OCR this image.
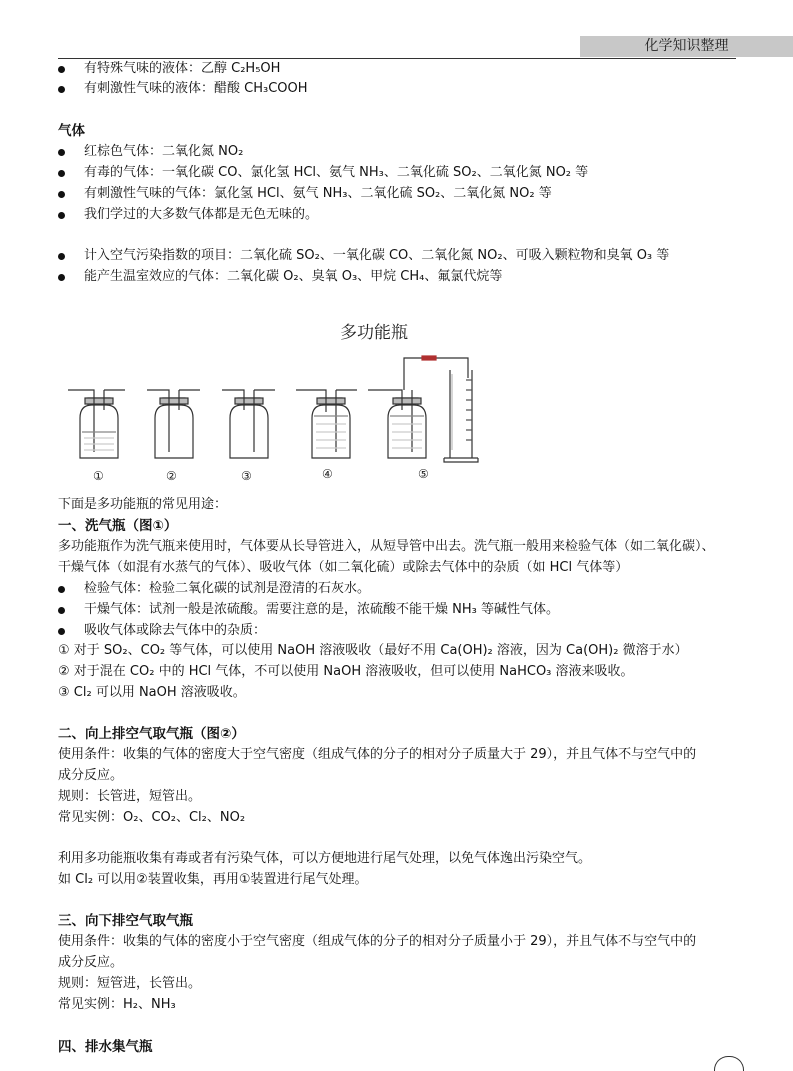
化学知识整理
有特殊气味的液体：乙醇 C₂H₅OH
有刺激性气味的液体：醋酸 CH₃COOH
气体
红棕色气体：二氧化氮 NO₂
有毒的气体：一氧化碳 CO、氯化氢 HCl、氨气 NH₃、二氧化硫 SO₂、二氧化氮 NO₂ 等
有刺激性气味的气体：氯化氢 HCl、氨气 NH₃、二氧化硫 SO₂、二氧化氮 NO₂ 等
我们学过的大多数气体都是无色无味的。
计入空气污染指数的项目：二氧化硫 SO₂、一氧化碳 CO、二氧化氮 NO₂、可吸入颗粒物和臭氧 O₃ 等
能产生温室效应的气体：二氧化碳 O₂、臭氧 O₃、甲烷 CH₄、氟氯代烷等
多功能瓶
①	②	③	④	⑤
下面是多功能瓶的常见用途：
一、洗气瓶（图①）
多功能瓶作为洗气瓶来使用时，气体要从长导管进入，从短导管中出去。洗气瓶一般用来检验气体（如二氧化碳）、
干燥气体（如混有水蒸气的气体）、吸收气体（如二氧化硫）或除去气体中的杂质（如 HCl 气体等）
检验气体：检验二氧化碳的试剂是澄清的石灰水。
干燥气体：试剂一般是浓硫酸。需要注意的是，浓硫酸不能干燥 NH₃ 等碱性气体。
吸收气体或除去气体中的杂质：
① 对于 SO₂、CO₂ 等气体，可以使用 NaOH 溶液吸收（最好不用 Ca(OH)₂ 溶液，因为 Ca(OH)₂ 微溶于水）
② 对于混在 CO₂ 中的 HCl 气体，不可以使用 NaOH 溶液吸收，但可以使用 NaHCO₃ 溶液来吸收。
③ Cl₂ 可以用 NaOH 溶液吸收。
二、向上排空气取气瓶（图②）
使用条件：收集的气体的密度大于空气密度（组成气体的分子的相对分子质量大于 29），并且气体不与空气中的
成分反应。
规则：长管进，短管出。
常见实例：O₂、CO₂、Cl₂、NO₂
利用多功能瓶收集有毒或者有污染气体，可以方便地进行尾气处理，以免气体逸出污染空气。
如 Cl₂ 可以用②装置收集，再用①装置进行尾气处理。
三、向下排空气取气瓶
使用条件：收集的气体的密度小于空气密度（组成气体的分子的相对分子质量小于 29），并且气体不与空气中的
成分反应。
规则：短管进，长管出。
常见实例：H₂、NH₃
四、排水集气瓶
